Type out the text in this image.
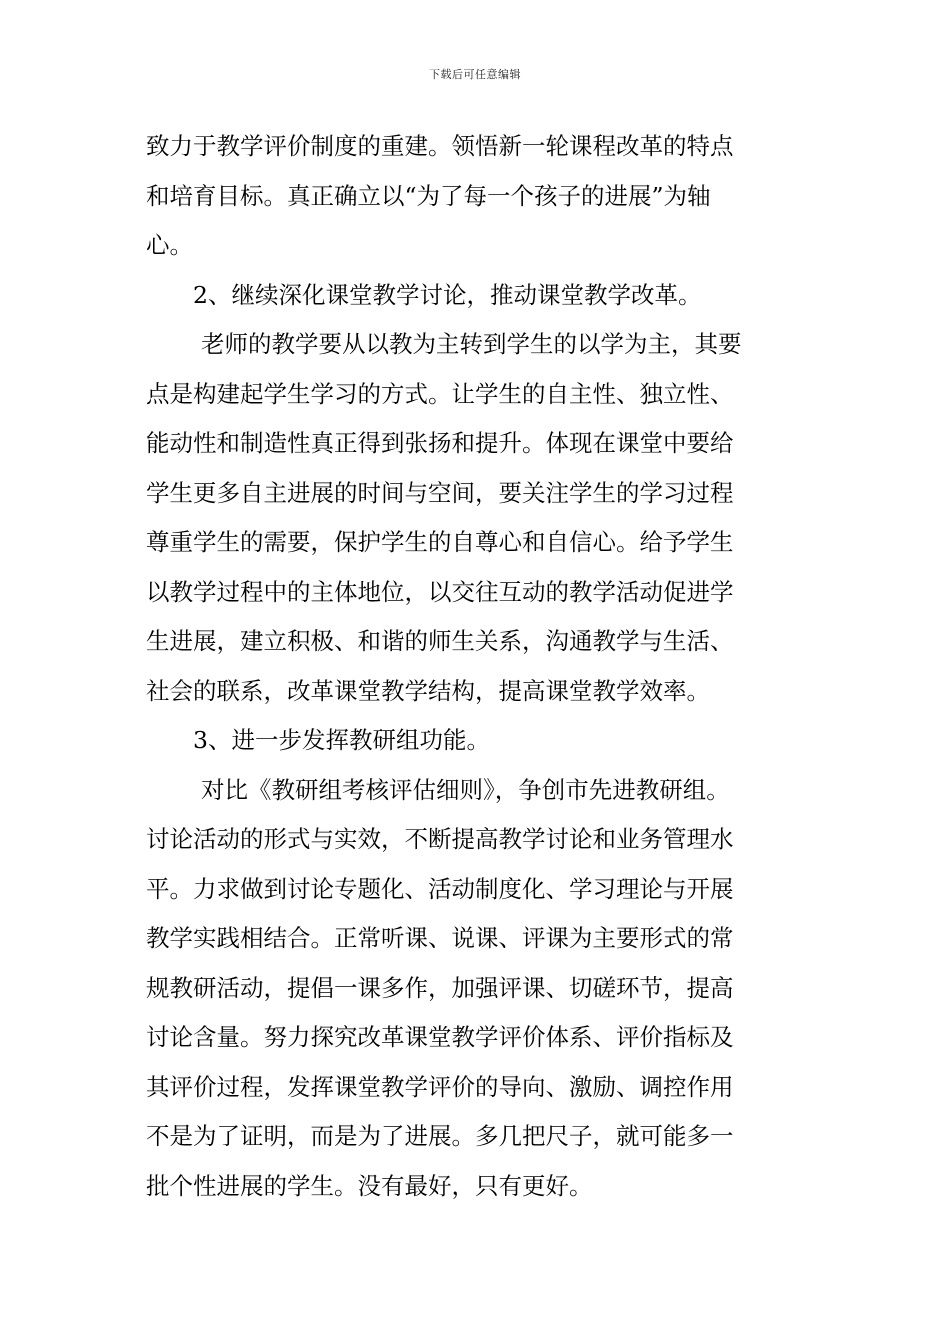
下载后可任意编辑
致力于教学评价制度的重建。领悟新一轮课程改革的特点
和培育目标。真正确立以“为了每一个孩子的进展”为轴
心。
2、继续深化课堂教学讨论，推动课堂教学改革。
老师的教学要从以教为主转到学生的以学为主，其要
点是构建起学生学习的方式。让学生的自主性、独立性、
能动性和制造性真正得到张扬和提升。体现在课堂中要给
学生更多自主进展的时间与空间，要关注学生的学习过程
尊重学生的需要，保护学生的自尊心和自信心。给予学生
以教学过程中的主体地位，以交往互动的教学活动促进学
生进展，建立积极、和谐的师生关系，沟通教学与生活、
社会的联系，改革课堂教学结构，提高课堂教学效率。
3、进一步发挥教研组功能。
对比《教研组考核评估细则》，争创市先进教研组。
讨论活动的形式与实效，不断提高教学讨论和业务管理水
平。力求做到讨论专题化、活动制度化、学习理论与开展
教学实践相结合。正常听课、说课、评课为主要形式的常
规教研活动，提倡一课多作，加强评课、切磋环节，提高
讨论含量。努力探究改革课堂教学评价体系、评价指标及
其评价过程，发挥课堂教学评价的导向、激励、调控作用
不是为了证明，而是为了进展。多几把尺子，就可能多一
批个性进展的学生。没有最好，只有更好。
